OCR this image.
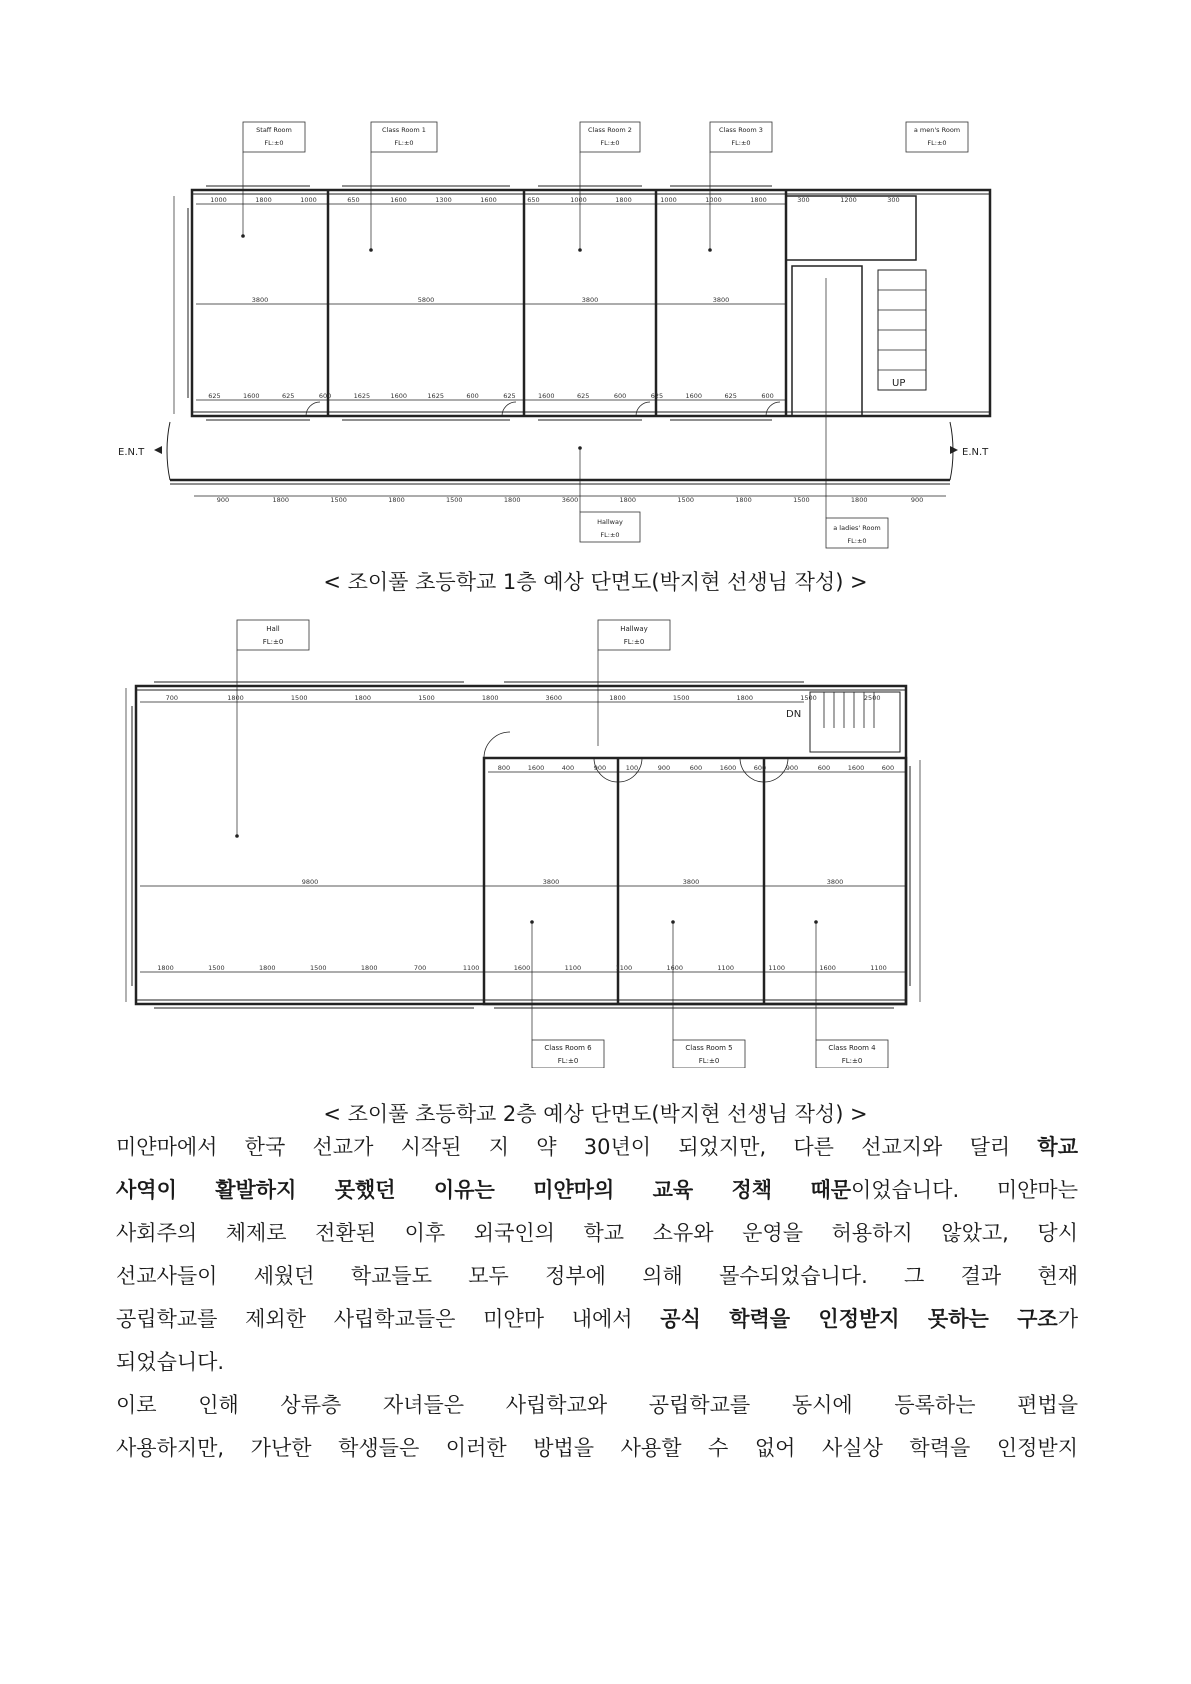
Staff Room	Class Room 1	Class Room 2	Class Room 3	a men's Room
Hallway
a ladies' Room
FL:±0	FL:±0	FL:±0	FL:±0	FL:±0
FL:±0
FL:±0
E.N.T	E.N.T
UP
1000	1800	1000	650	1600	1300	1600	650	1000	1800	1000	1000	1800	300	1200	300
625	1600	625	600	1625	1600	1625	600	625	1600	625	600	625	1600	625	600
3800	5800	3800	3800
900	1800	1500	1800	1500	1800	3600	1800	1500	1800	1500	1800	900
< 조이풀 초등학교 1층 예상 단면도(박지현 선생님 작성) >
Hall	Hallway
Class Room 6	Class Room 5	Class Room 4
FL:±0	FL:±0
FL:±0	FL:±0	FL:±0
DN
700	1800	1500	1800	1500	1800	3600	1800	1500	1800	1500	2500
800	1600	400	900	100	900	600	1600	600	900	600	1600	600
1800	1500	1800	1500	1800	700	1100	1600	1100	1100	1600	1100	1100	1600	1100
9800	3800	3800	3800
< 조이풀 초등학교 2층 예상 단면도(박지현 선생님 작성) >
미얀마에서 한국 선교가 시작된 지 약 30년이 되었지만, 다른 선교지와 달리 학교
사역이 활발하지 못했던 이유는 미얀마의 교육 정책 때문이었습니다. 미얀마는
사회주의 체제로 전환된 이후 외국인의 학교 소유와 운영을 허용하지 않았고, 당시
선교사들이 세웠던 학교들도 모두 정부에 의해 몰수되었습니다. 그 결과 현재
공립학교를 제외한 사립학교들은 미얀마 내에서 공식 학력을 인정받지 못하는 구조가
되었습니다.
이로 인해 상류층 자녀들은 사립학교와 공립학교를 동시에 등록하는 편법을
사용하지만, 가난한 학생들은 이러한 방법을 사용할 수 없어 사실상 학력을 인정받지
